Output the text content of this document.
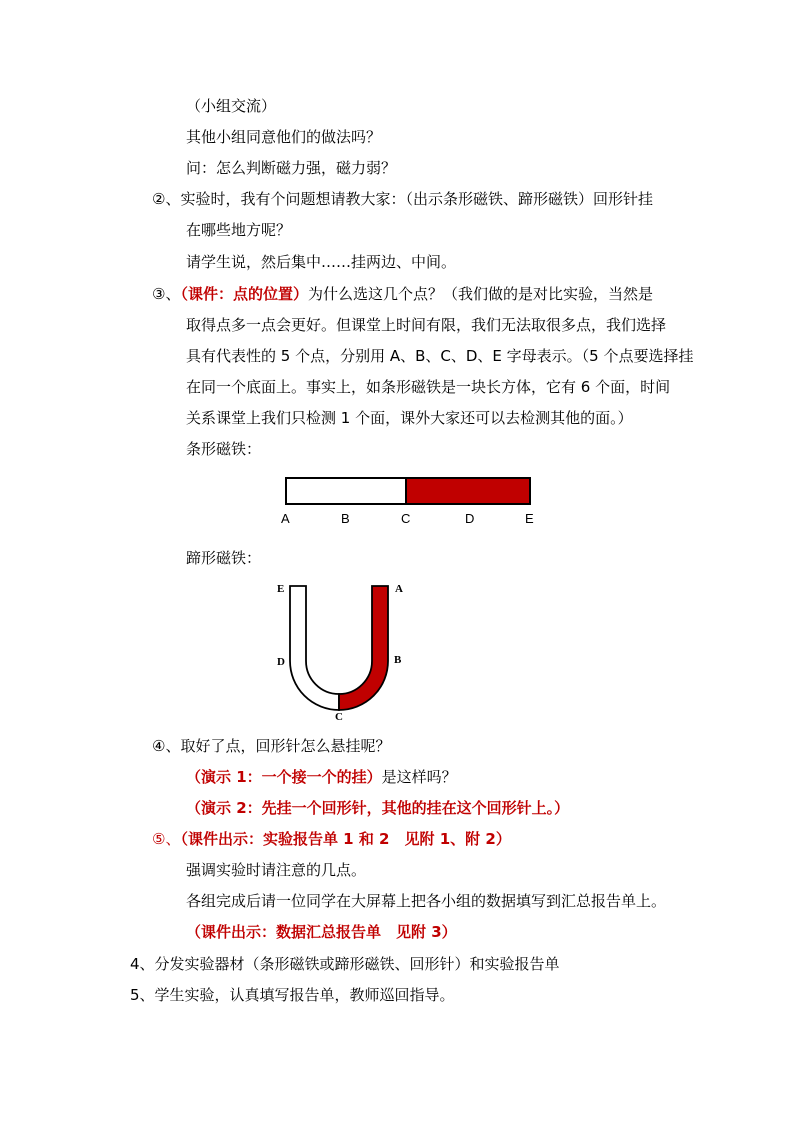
（小组交流）
其他小组同意他们的做法吗？
问：怎么判断磁力强，磁力弱？
②、实验时，我有个问题想请教大家：（出示条形磁铁、蹄形磁铁）回形针挂
在哪些地方呢？
请学生说，然后集中……挂两边、中间。
③、（课件：点的位置）为什么选这几个点？（我们做的是对比实验，当然是
取得点多一点会更好。但课堂上时间有限，我们无法取很多点，我们选择
具有代表性的 5 个点，分别用 A、B、C、D、E 字母表示。（5 个点要选择挂
在同一个底面上。事实上，如条形磁铁是一块长方体，它有 6 个面，时间
关系课堂上我们只检测 1 个面，课外大家还可以去检测其他的面。）
条形磁铁：
A	B	C	D	E
蹄形磁铁：
E
D
C
B
A
④、取好了点，回形针怎么悬挂呢？
（演示 1：一个接一个的挂）是这样吗？
（演示 2：先挂一个回形针，其他的挂在这个回形针上。）
⑤、（课件出示：实验报告单 1 和 2　见附 1、附 2）
强调实验时请注意的几点。
各组完成后请一位同学在大屏幕上把各小组的数据填写到汇总报告单上。
（课件出示：数据汇总报告单　见附 3）
4、分发实验器材（条形磁铁或蹄形磁铁、回形针）和实验报告单
5、学生实验，认真填写报告单，教师巡回指导。
